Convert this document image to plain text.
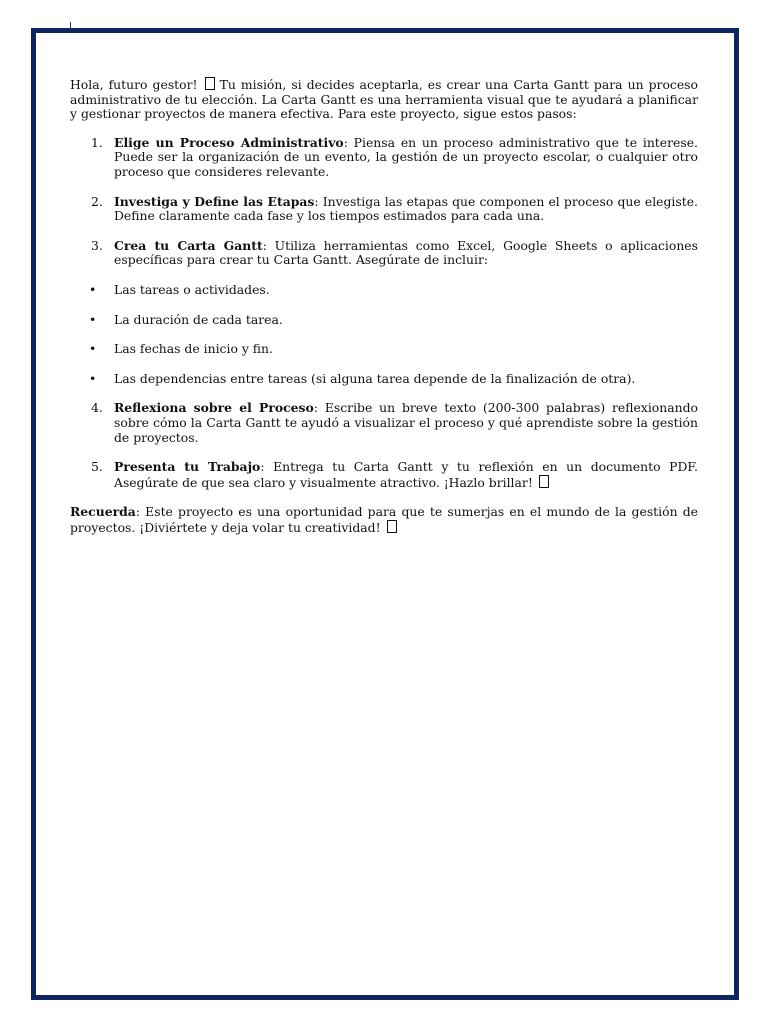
Hola, futuro gestor!  Tu misión, si decides aceptarla, es crear una Carta Gantt para un proceso administrativo de tu elección. La Carta Gantt es una herramienta visual que te ayudará a planificar y gestionar proyectos de manera efectiva. Para este proyecto, sigue estos pasos:

1. Elige un Proceso Administrativo: Piensa en un proceso administrativo que te interese. Puede ser la organización de un evento, la gestión de un proyecto escolar, o cualquier otro proceso que consideres relevante.
2. Investiga y Define las Etapas: Investiga las etapas que componen el proceso que elegiste. Define claramente cada fase y los tiempos estimados para cada una.
3. Crea tu Carta Gantt: Utiliza herramientas como Excel, Google Sheets o aplicaciones específicas para crear tu Carta Gantt. Asegúrate de incluir:
• Las tareas o actividades.
• La duración de cada tarea.
• Las fechas de inicio y fin.
• Las dependencias entre tareas (si alguna tarea depende de la finalización de otra).
4. Reflexiona sobre el Proceso: Escribe un breve texto (200-300 palabras) reflexionando sobre cómo la Carta Gantt te ayudó a visualizar el proceso y qué aprendiste sobre la gestión de proyectos.
5. Presenta tu Trabajo: Entrega tu Carta Gantt y tu reflexión en un documento PDF. Asegúrate de que sea claro y visualmente atractivo. ¡Hazlo brillar!

Recuerda: Este proyecto es una oportunidad para que te sumerjas en el mundo de la gestión de proyectos. ¡Diviértete y deja volar tu creatividad!
